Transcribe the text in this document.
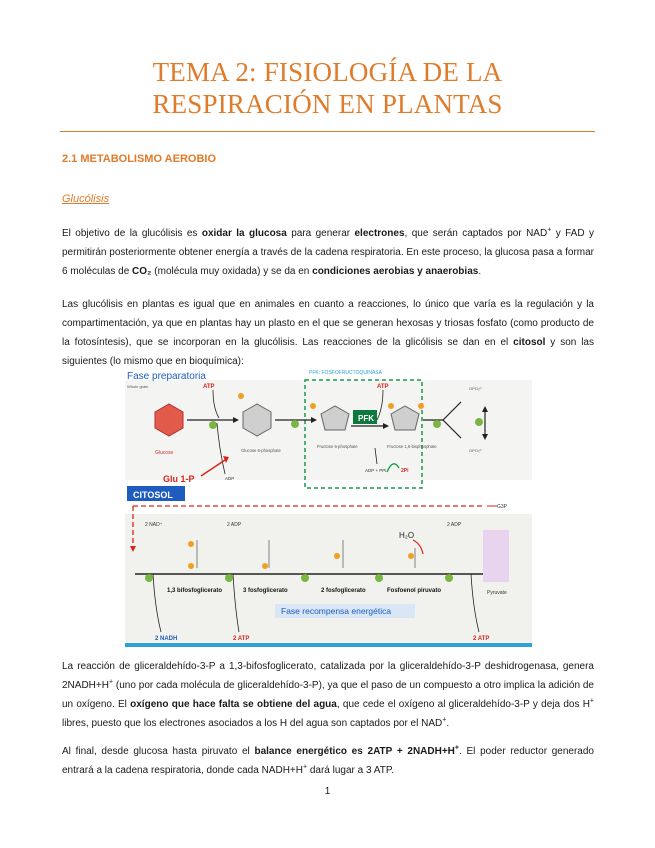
TEMA 2: FISIOLOGÍA DE LA
RESPIRACIÓN EN PLANTAS
2.1 METABOLISMO AEROBIO
Glucólisis
El objetivo de la glucólisis es oxidar la glucosa para generar electrones, que serán captados por NAD+ y FAD y permitirán posteriormente obtener energía a través de la cadena respiratoria. En este proceso, la glucosa pasa a formar 6 moléculas de CO₂ (molécula muy oxidada) y se da en condiciones aerobias y anaerobias.
Las glucólisis en plantas es igual que en animales en cuanto a reacciones, lo único que varía es la regulación y la compartimentación, ya que en plantas hay un plasto en el que se generan hexosas y triosas fosfato (como producto de la fotosíntesis), que se incorporan en la glucólisis. Las reacciones de la glicólisis se dan en el citosol y son las siguientes (lo mismo que en bioquímica):
Fase preparatoria	PFK: FOSFOFRUCTOQUINASA
Whole grain
Glucose
ATP
ADP
Glucose 6-phosphate
Fructose 6-phosphate
ATP
PFK
Fructose 1,6-bisphosphate
ADP + PPi	2Pi
OPO₃²⁻
OPO₃²⁻
Glu 1-P
CITOSOL
G3P
2 NAD⁺	2 ADP	2 ADP
H₂O
Pyruvate
1,3 bifosfoglicerato	3 fosfoglicerato	2 fosfoglicerato	Fosfoenol piruvato
Fase recompensa energética
2 NADH	2 ATP	2 ATP
La reacción de gliceraldehído-3-P a 1,3-bifosfoglicerato, catalizada por la gliceraldehído-3-P deshidrogenasa, genera 2NADH+H+ (uno por cada molécula de gliceraldehído-3-P), ya que el paso de un compuesto a otro implica la adición de un oxígeno. El oxígeno que hace falta se obtiene del agua, que cede el oxígeno al gliceraldehído-3-P y deja dos H+ libres, puesto que los electrones asociados a los H del agua son captados por el NAD+.
Al final, desde glucosa hasta piruvato el balance energético es 2ATP + 2NADH+H+. El poder reductor generado entrará a la cadena respiratoria, donde cada NADH+H+ dará lugar a 3 ATP.
1
